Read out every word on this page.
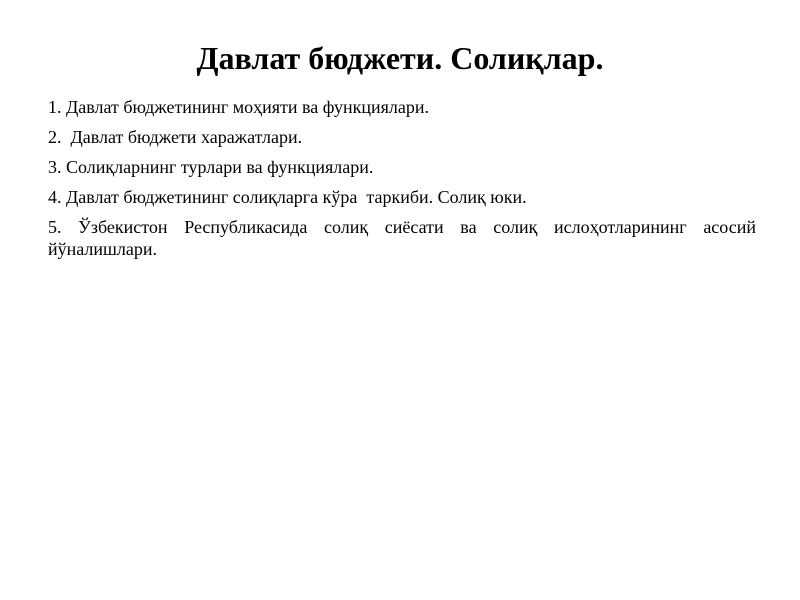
Давлат бюджети. Солиқлар.
1. Давлат бюджетининг моҳияти ва функциялари.
2.  Давлат бюджети харажатлари.
3. Солиқларнинг турлари ва функциялари.
4. Давлат бюджетининг солиқларга кўра  таркиби. Солиқ юки.
5. Ўзбекистон Республикасида солиқ сиёсати ва солиқ ислоҳотларининг асосий йўналишлари.
